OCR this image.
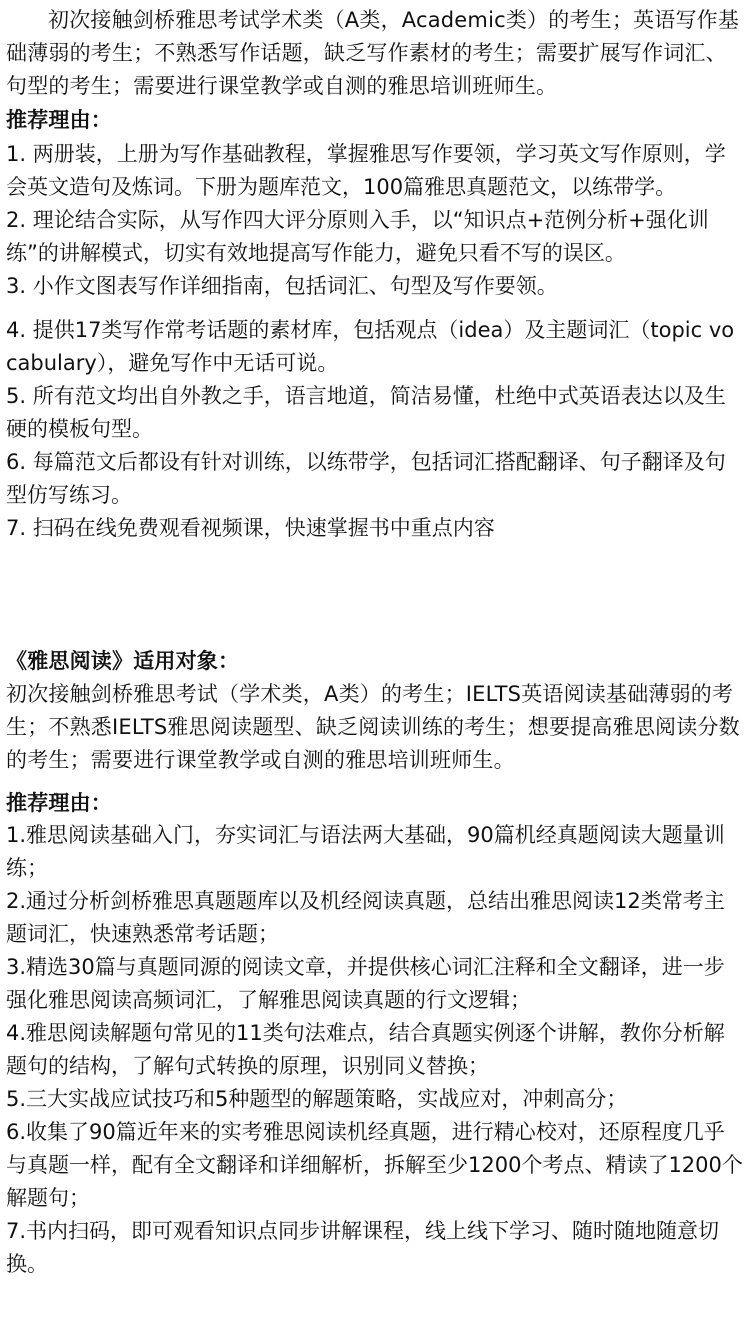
初次接触剑桥雅思考试学术类（A类，Academic类）的考生；英语写作基础薄弱的考生；不熟悉写作话题，缺乏写作素材的考生；需要扩展写作词汇、句型的考生；需要进行课堂教学或自测的雅思培训班师生。

推荐理由：

1. 两册装，上册为写作基础教程，掌握雅思写作要领，学习英文写作原则，学会英文造句及炼词。下册为题库范文，100篇雅思真题范文，以练带学。

2. 理论结合实际，从写作四大评分原则入手，以“知识点+范例分析+强化训练”的讲解模式，切实有效地提高写作能力，避免只看不写的误区。

3. 小作文图表写作详细指南，包括词汇、句型及写作要领。

4. 提供17类写作常考话题的素材库，包括观点（idea）及主题词汇（topic vocabulary），避免写作中无话可说。

5. 所有范文均出自外教之手，语言地道，简洁易懂，杜绝中式英语表达以及生硬的模板句型。

6. 每篇范文后都设有针对训练，以练带学，包括词汇搭配翻译、句子翻译及句型仿写练习。

7. 扫码在线免费观看视频课，快速掌握书中重点内容

《雅思阅读》适用对象：

初次接触剑桥雅思考试（学术类，A类）的考生；IELTS英语阅读基础薄弱的考生；不熟悉IELTS雅思阅读题型、缺乏阅读训练的考生；想要提高雅思阅读分数的考生；需要进行课堂教学或自测的雅思培训班师生。

推荐理由：

1.雅思阅读基础入门，夯实词汇与语法两大基础，90篇机经真题阅读大题量训练；

2.通过分析剑桥雅思真题题库以及机经阅读真题，总结出雅思阅读12类常考主题词汇，快速熟悉常考话题；

3.精选30篇与真题同源的阅读文章，并提供核心词汇注释和全文翻译，进一步强化雅思阅读高频词汇，了解雅思阅读真题的行文逻辑；

4.雅思阅读解题句常见的11类句法难点，结合真题实例逐个讲解，教你分析解题句的结构，了解句式转换的原理，识别同义替换；

5.三大实战应试技巧和5种题型的解题策略，实战应对，冲刺高分；

6.收集了90篇近年来的实考雅思阅读机经真题，进行精心校对，还原程度几乎与真题一样，配有全文翻译和详细解析，拆解至少1200个考点、精读了1200个解题句；

7.书内扫码，即可观看知识点同步讲解课程，线上线下学习、随时随地随意切换。
